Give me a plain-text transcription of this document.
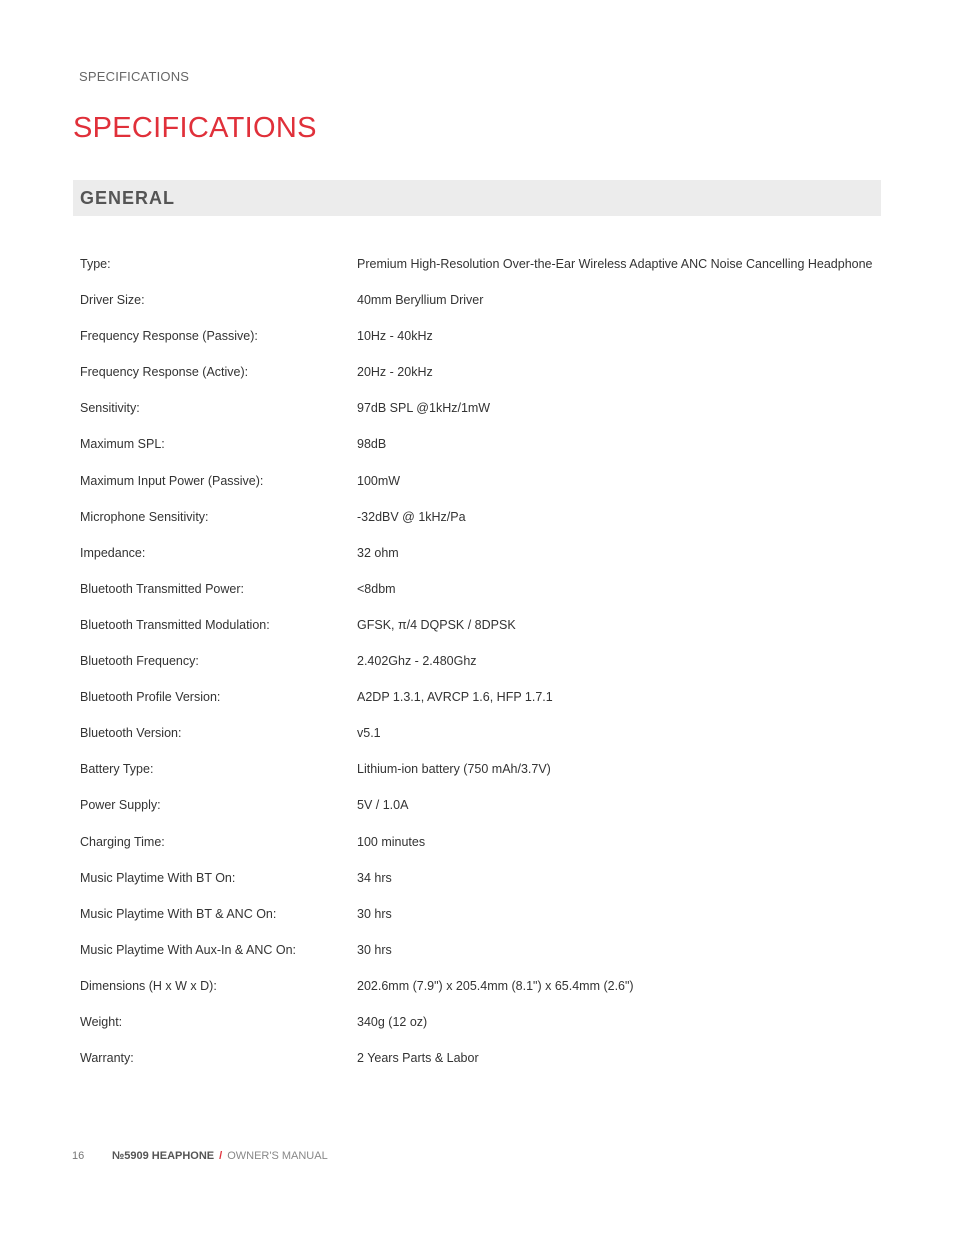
SPECIFICATIONS
SPECIFICATIONS
GENERAL
Type:	Premium High-Resolution Over-the-Ear Wireless Adaptive ANC Noise Cancelling Headphone
Driver Size:	40mm Beryllium Driver
Frequency Response (Passive):	10Hz - 40kHz
Frequency Response (Active):	20Hz - 20kHz
Sensitivity:	97dB SPL @1kHz/1mW
Maximum SPL:	98dB
Maximum Input Power (Passive):	100mW
Microphone Sensitivity:	-32dBV @ 1kHz/Pa
Impedance:	32 ohm
Bluetooth Transmitted Power:	<8dbm
Bluetooth Transmitted Modulation:	GFSK, π/4 DQPSK / 8DPSK
Bluetooth Frequency:	2.402Ghz - 2.480Ghz
Bluetooth Profile Version:	A2DP 1.3.1, AVRCP 1.6, HFP 1.7.1
Bluetooth Version:	v5.1
Battery Type:	Lithium-ion battery (750 mAh/3.7V)
Power Supply:	5V / 1.0A
Charging Time:	100 minutes
Music Playtime With BT On:	34 hrs
Music Playtime With BT & ANC On:	30 hrs
Music Playtime With Aux-In & ANC On:	30 hrs
Dimensions (H x W x D):	202.6mm (7.9") x 205.4mm (8.1") x 65.4mm (2.6")
Weight:	340g (12 oz)
Warranty:	2 Years Parts & Labor
16	№5909 HEAPHONE / OWNER'S MANUAL
